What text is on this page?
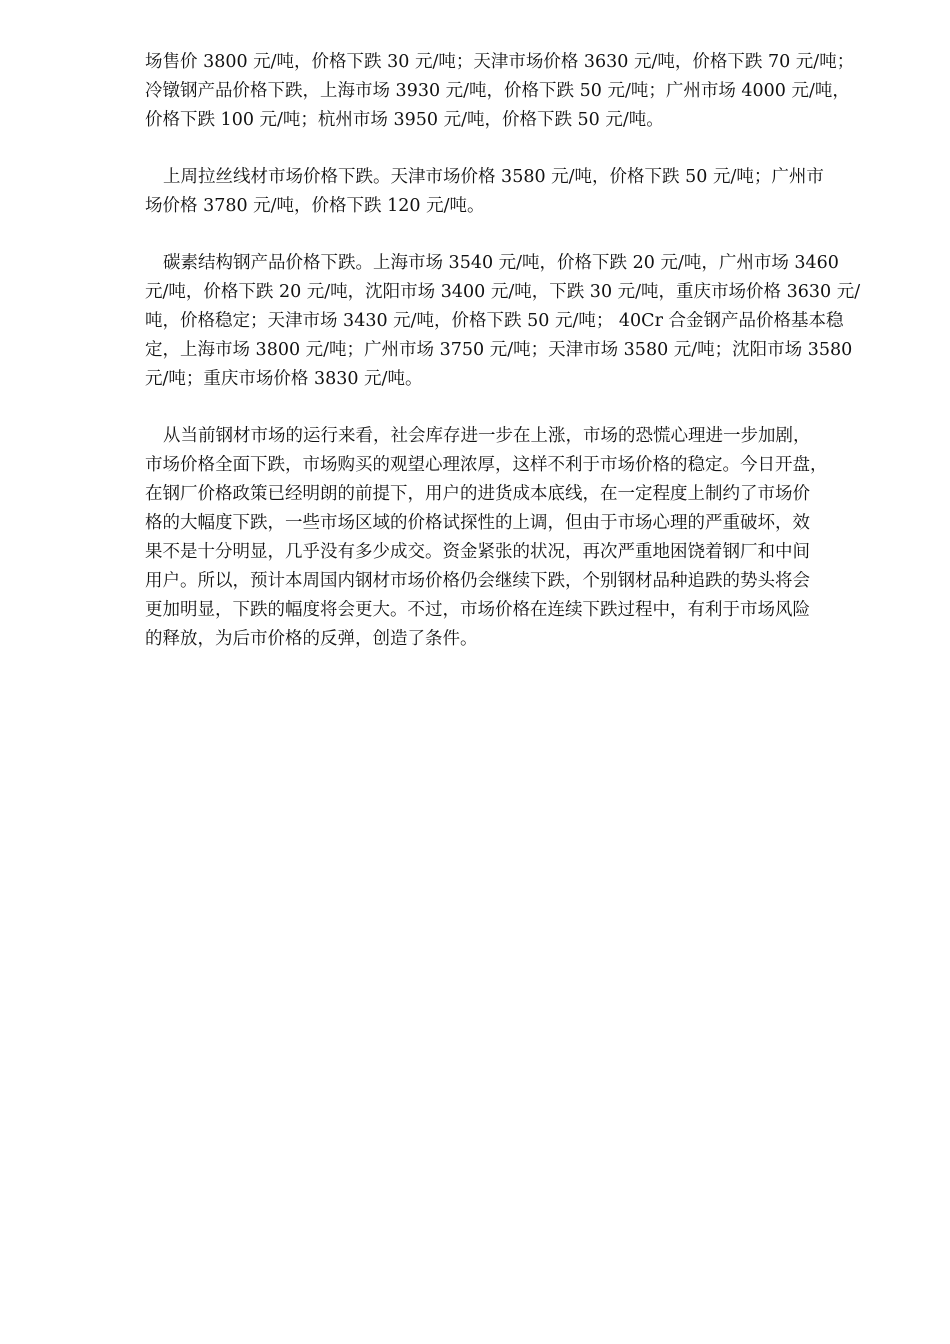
场售价 3800 元/吨，价格下跌 30 元/吨；天津市场价格 3630 元/吨，价格下跌 70 元/吨；
冷镦钢产品价格下跌，上海市场 3930 元/吨，价格下跌 50 元/吨；广州市场 4000 元/吨，
价格下跌 100 元/吨；杭州市场 3950 元/吨，价格下跌 50 元/吨。

上周拉丝线材市场价格下跌。天津市场价格 3580 元/吨，价格下跌 50 元/吨；广州市
场价格 3780 元/吨，价格下跌 120 元/吨。

碳素结构钢产品价格下跌。上海市场 3540 元/吨，价格下跌 20 元/吨，广州市场 3460
元/吨，价格下跌 20 元/吨，沈阳市场 3400 元/吨，下跌 30 元/吨，重庆市场价格 3630 元/
吨，价格稳定；天津市场 3430 元/吨，价格下跌 50 元/吨； 40Cr 合金钢产品价格基本稳
定，上海市场 3800 元/吨；广州市场 3750 元/吨；天津市场 3580 元/吨；沈阳市场 3580
元/吨；重庆市场价格 3830 元/吨。

从当前钢材市场的运行来看，社会库存进一步在上涨，市场的恐慌心理进一步加剧，
市场价格全面下跌，市场购买的观望心理浓厚，这样不利于市场价格的稳定。今日开盘，
在钢厂价格政策已经明朗的前提下，用户的进货成本底线，在一定程度上制约了市场价
格的大幅度下跌，一些市场区域的价格试探性的上调，但由于市场心理的严重破坏，效
果不是十分明显，几乎没有多少成交。资金紧张的状况，再次严重地困饶着钢厂和中间
用户。所以，预计本周国内钢材市场价格仍会继续下跌，个别钢材品种追跌的势头将会
更加明显，下跌的幅度将会更大。不过，市场价格在连续下跌过程中，有利于市场风险
的释放，为后市价格的反弹，创造了条件。
